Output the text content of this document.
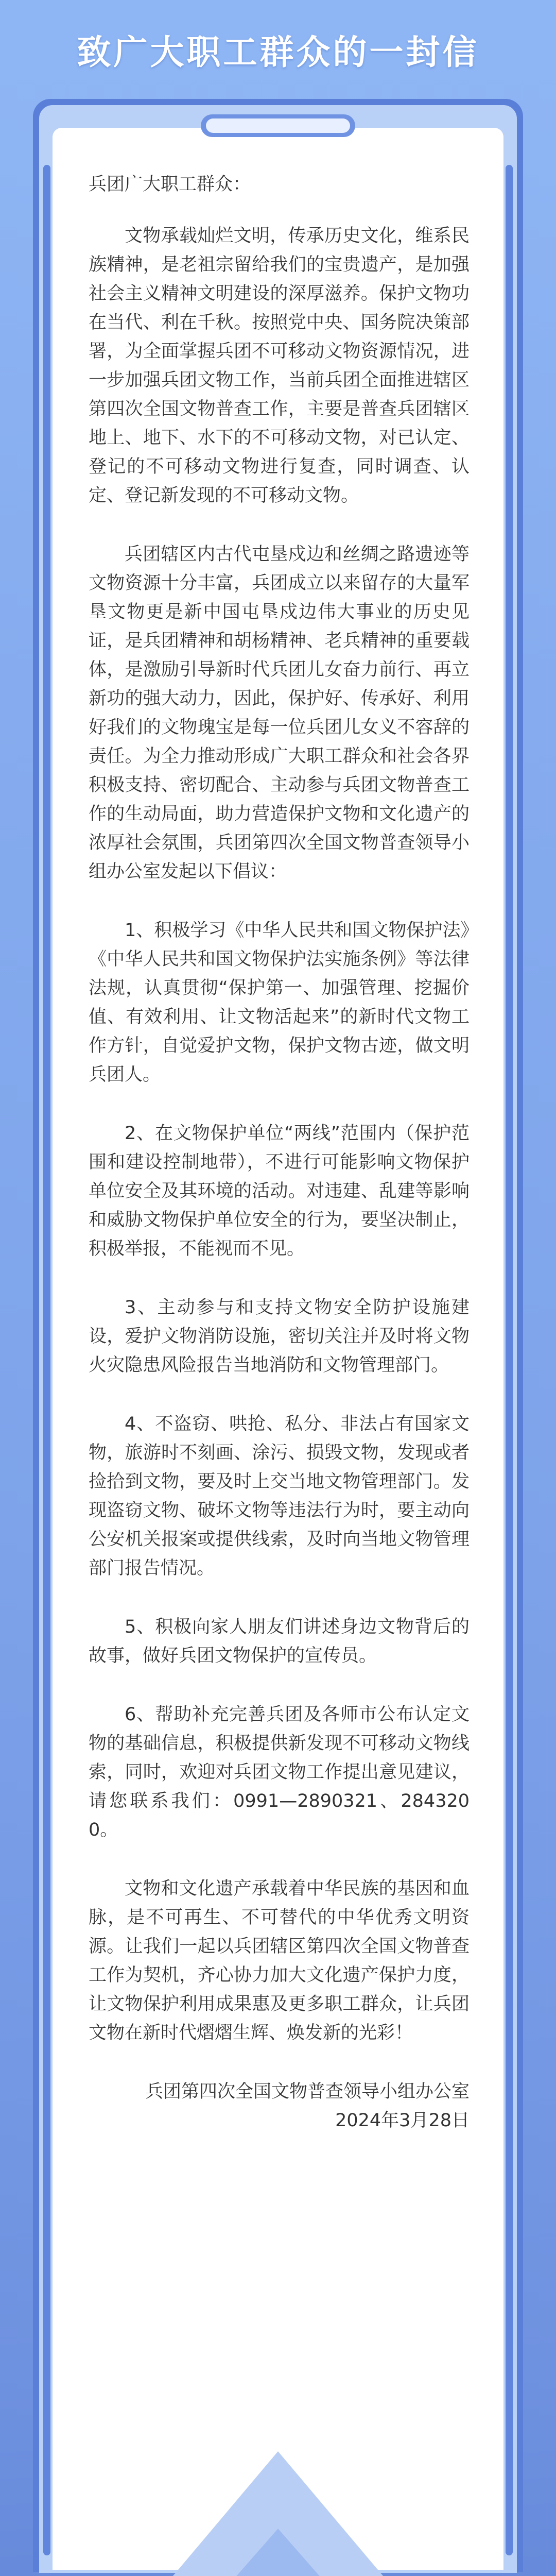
致广大职工群众的一封信

兵团广大职工群众：

文物承载灿烂文明，传承历史文化，维系民族精神，是老祖宗留给我们的宝贵遗产，是加强社会主义精神文明建设的深厚滋养。保护文物功在当代、利在千秋。按照党中央、国务院决策部署，为全面掌握兵团不可移动文物资源情况，进一步加强兵团文物工作，当前兵团全面推进辖区第四次全国文物普查工作，主要是普查兵团辖区地上、地下、水下的不可移动文物，对已认定、登记的不可移动文物进行复查，同时调查、认定、登记新发现的不可移动文物。

兵团辖区内古代屯垦戍边和丝绸之路遗迹等文物资源十分丰富，兵团成立以来留存的大量军垦文物更是新中国屯垦戍边伟大事业的历史见证，是兵团精神和胡杨精神、老兵精神的重要载体，是激励引导新时代兵团儿女奋力前行、再立新功的强大动力，因此，保护好、传承好、利用好我们的文物瑰宝是每一位兵团儿女义不容辞的责任。为全力推动形成广大职工群众和社会各界积极支持、密切配合、主动参与兵团文物普查工作的生动局面，助力营造保护文物和文化遗产的浓厚社会氛围，兵团第四次全国文物普查领导小组办公室发起以下倡议：

1、积极学习《中华人民共和国文物保护法》《中华人民共和国文物保护法实施条例》等法律法规，认真贯彻“保护第一、加强管理、挖掘价值、有效利用、让文物活起来”的新时代文物工作方针，自觉爱护文物，保护文物古迹，做文明兵团人。

2、在文物保护单位“两线”范围内（保护范围和建设控制地带），不进行可能影响文物保护单位安全及其环境的活动。对违建、乱建等影响和威胁文物保护单位安全的行为，要坚决制止，积极举报，不能视而不见。

3、主动参与和支持文物安全防护设施建设，爱护文物消防设施，密切关注并及时将文物火灾隐患风险报告当地消防和文物管理部门。

4、不盗窃、哄抢、私分、非法占有国家文物，旅游时不刻画、涂污、损毁文物，发现或者捡拾到文物，要及时上交当地文物管理部门。发现盗窃文物、破坏文物等违法行为时，要主动向公安机关报案或提供线索，及时向当地文物管理部门报告情况。

5、积极向家人朋友们讲述身边文物背后的故事，做好兵团文物保护的宣传员。

6、帮助补充完善兵团及各师市公布认定文物的基础信息，积极提供新发现不可移动文物线索，同时，欢迎对兵团文物工作提出意见建议，请您联系我们：0991—2890321、2843200。

文物和文化遗产承载着中华民族的基因和血脉，是不可再生、不可替代的中华优秀文明资源。让我们一起以兵团辖区第四次全国文物普查工作为契机，齐心协力加大文化遗产保护力度，让文物保护利用成果惠及更多职工群众，让兵团文物在新时代熠熠生辉、焕发新的光彩！

兵团第四次全国文物普查领导小组办公室
2024年3月28日
